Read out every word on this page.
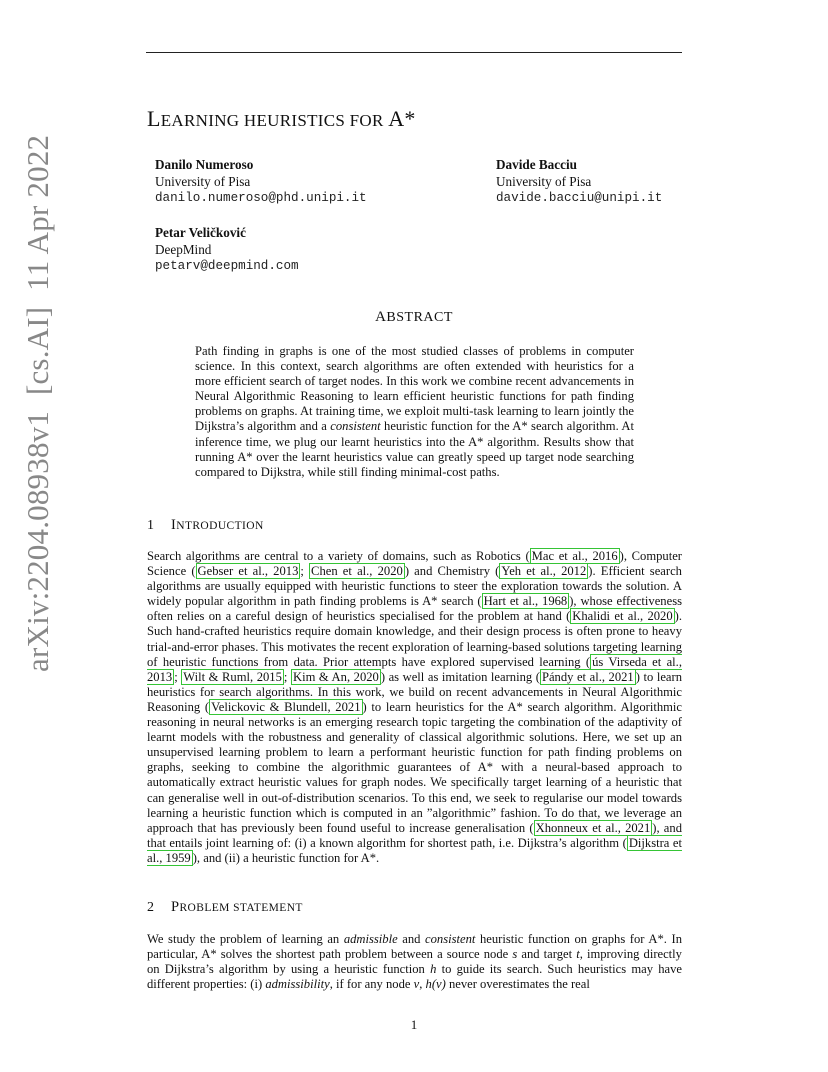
arXiv:2204.08938v1  [cs.AI]  11 Apr 2022
LEARNING HEURISTICS FOR A*
Danilo Numeroso
University of Pisa
danilo.numeroso@phd.unipi.it
Davide Bacciu
University of Pisa
davide.bacciu@unipi.it
Petar Veličković
DeepMind
petarv@deepmind.com
ABSTRACT
Path finding in graphs is one of the most studied classes of problems in computer science. In this context, search algorithms are often extended with heuristics for a more efficient search of target nodes. In this work we combine recent advancements in Neural Algorithmic Reasoning to learn efficient heuristic functions for path finding problems on graphs. At training time, we exploit multi-task learning to learn jointly the Dijkstra’s algorithm and a consistent heuristic function for the A* search algorithm. At inference time, we plug our learnt heuristics into the A* algorithm. Results show that running A* over the learnt heuristics value can greatly speed up target node searching compared to Dijkstra, while still finding minimal-cost paths.
1 INTRODUCTION
Search algorithms are central to a variety of domains, such as Robotics ( Mac et al., 2016 ), Computer Science ( Gebser et al., 2013 ; Chen et al., 2020 ) and Chemistry ( Yeh et al., 2012 ). Efficient search algorithms are usually equipped with heuristic functions to steer the exploration towards the solution. A widely popular algorithm in path finding problems is A* search ( Hart et al., 1968 ), whose effectiveness often relies on a careful design of heuristics specialised for the problem at hand ( Khalidi et al., 2020 ). Such hand-crafted heuristics require domain knowledge, and their design process is often prone to heavy trial-and-error phases. This motivates the recent exploration of learning-based solutions targeting learning of heuristic functions from data. Prior attempts have explored supervised learning ( ús Virseda et al., 2013 ; Wilt & Ruml, 2015 ; Kim & An, 2020 ) as well as imitation learning ( Pándy et al., 2021 ) to learn heuristics for search algorithms. In this work, we build on recent advancements in Neural Algorithmic Reasoning ( Velickovic & Blundell, 2021 ) to learn heuristics for the A* search algorithm. Algorithmic reasoning in neural networks is an emerging research topic targeting the combination of the adaptivity of learnt models with the robustness and generality of classical algorithmic solutions. Here, we set up an unsupervised learning problem to learn a performant heuristic function for path finding problems on graphs, seeking to combine the algorithmic guarantees of A* with a neural-based approach to automatically extract heuristic values for graph nodes. We specifically target learning of a heuristic that can generalise well in out-of-distribution scenarios. To this end, we seek to regularise our model towards learning a heuristic function which is computed in an ”algorithmic” fashion. To do that, we leverage an approach that has previously been found useful to increase generalisation ( Xhonneux et al., 2021 ), and that entails joint learning of: (i) a known algorithm for shortest path, i.e. Dijkstra’s algorithm ( Dijkstra et al., 1959 ), and (ii) a heuristic function for A*.
2 PROBLEM STATEMENT
We study the problem of learning an admissible and consistent heuristic function on graphs for A*. In particular, A* solves the shortest path problem between a source node s and target t, improving directly on Dijkstra’s algorithm by using a heuristic function h to guide its search. Such heuristics may have different properties: (i) admissibility, if for any node v, h(v) never overestimates the real
1
